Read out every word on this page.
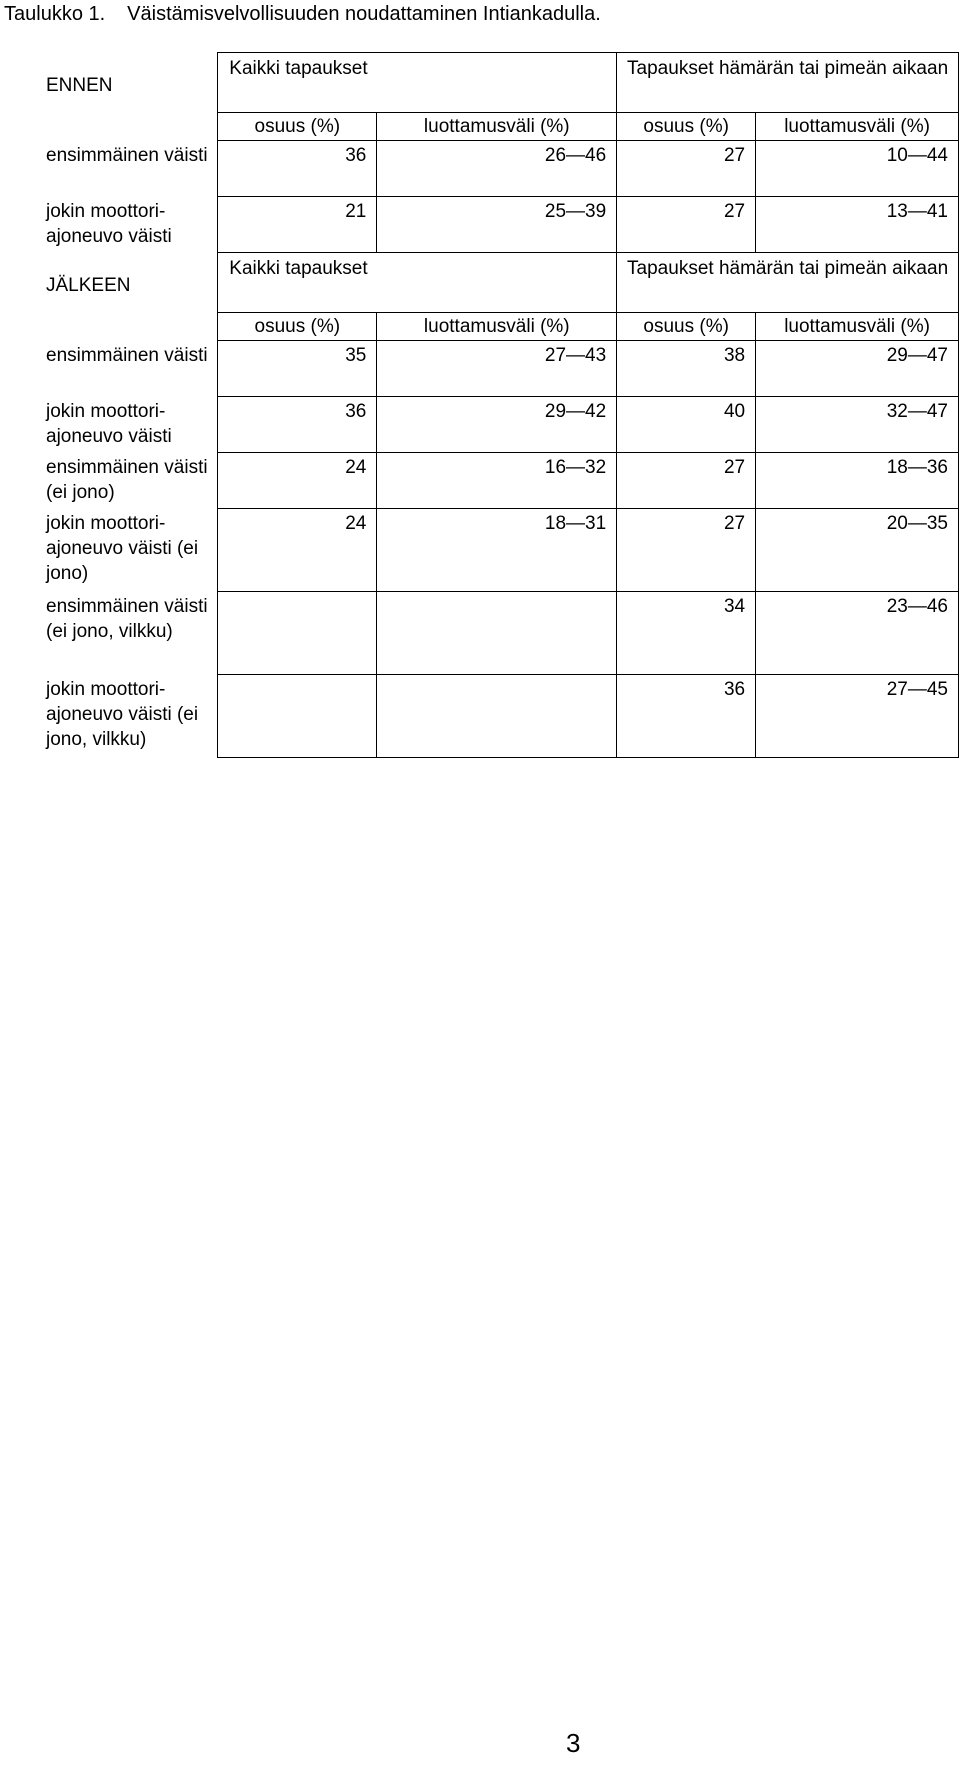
Taulukko 1. Väistämisvelvollisuuden noudattaminen Intiankadulla.
ENNEN	Kaikki tapaukset		Tapaukset hämärän tai pimeän aikaan	
	osuus (%)	luottamusväli (%)	osuus (%)	luottamusväli (%)
ensimmäinen väisti	36	26—46	27	10—44
jokin moottori-ajoneuvo väisti	21	25—39	27	13—41
JÄLKEEN	Kaikki tapaukset		Tapaukset hämärän tai pimeän aikaan	
	osuus (%)	luottamusväli (%)	osuus (%)	luottamusväli (%)
ensimmäinen väisti	35	27—43	38	29—47
jokin moottori-ajoneuvo väisti	36	29—42	40	32—47
ensimmäinen väisti (ei jono)	24	16—32	27	18—36
jokin moottori-ajoneuvo väisti (ei jono)	24	18—31	27	20—35
ensimmäinen väisti (ei jono, vilkku)			34	23—46
jokin moottori-ajoneuvo väisti (ei jono, vilkku)			36	27—45
3
